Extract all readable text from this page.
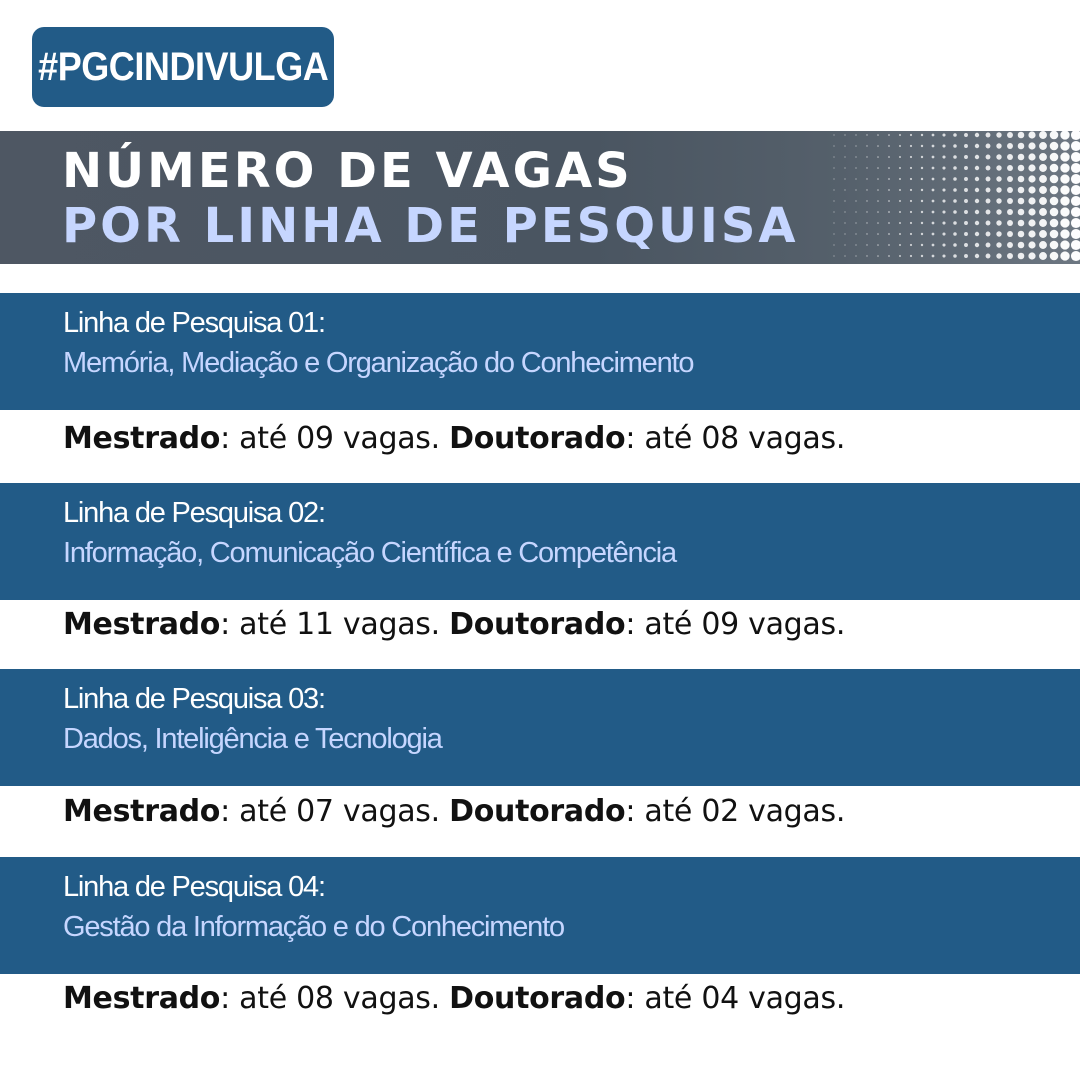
#PGCINDIVULGA
NÚMERO DE VAGAS
POR LINHA DE PESQUISA
Linha de Pesquisa 01:
Memória, Mediação e Organização do Conhecimento
Mestrado: até 09 vagas. Doutorado: até 08 vagas.
Linha de Pesquisa 02:
Informação, Comunicação Científica e Competência
Mestrado: até 11 vagas. Doutorado: até 09 vagas.
Linha de Pesquisa 03:
Dados, Inteligência e Tecnologia
Mestrado: até 07 vagas. Doutorado: até 02 vagas.
Linha de Pesquisa 04:
Gestão da Informação e do Conhecimento
Mestrado: até 08 vagas. Doutorado: até 04 vagas.
